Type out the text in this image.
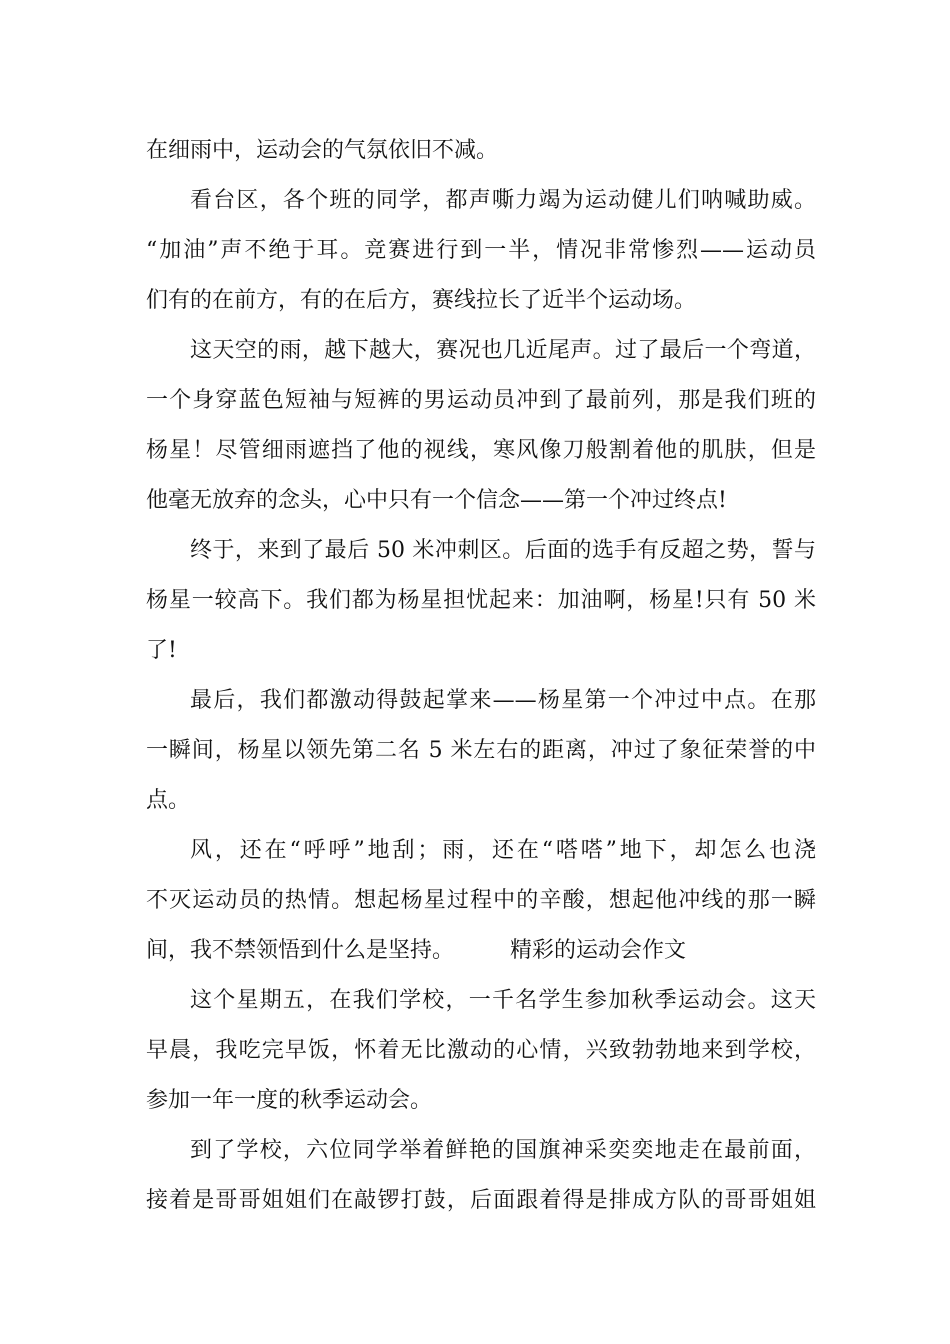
在细雨中，运动会的气氛依旧不减。
看台区，各个班的同学，都声嘶力竭为运动健儿们呐喊助威。
“加油”声不绝于耳。竞赛进行到一半，情况非常惨烈——运动员
们有的在前方，有的在后方，赛线拉长了近半个运动场。
这天空的雨，越下越大，赛况也几近尾声。过了最后一个弯道，
一个身穿蓝色短袖与短裤的男运动员冲到了最前列，那是我们班的
杨星！尽管细雨遮挡了他的视线，寒风像刀般割着他的肌肤，但是
他毫无放弃的念头，心中只有一个信念——第一个冲过终点!
终于，来到了最后 50 米冲刺区。后面的选手有反超之势，誓与
杨星一较高下。我们都为杨星担忧起来：加油啊，杨星!只有 50 米
了!
最后，我们都激动得鼓起掌来——杨星第一个冲过中点。在那
一瞬间，杨星以领先第二名 5 米左右的距离，冲过了象征荣誉的中
点。
风，还在“呼呼”地刮；雨，还在“嗒嗒”地下，却怎么也浇
不灭运动员的热情。想起杨星过程中的辛酸，想起他冲线的那一瞬
间，我不禁领悟到什么是坚持。        精彩的运动会作文
这个星期五，在我们学校，一千名学生参加秋季运动会。这天
早晨，我吃完早饭，怀着无比激动的心情，兴致勃勃地来到学校，
参加一年一度的秋季运动会。
到了学校，六位同学举着鲜艳的国旗神采奕奕地走在最前面，
接着是哥哥姐姐们在敲锣打鼓，后面跟着得是排成方队的哥哥姐姐
